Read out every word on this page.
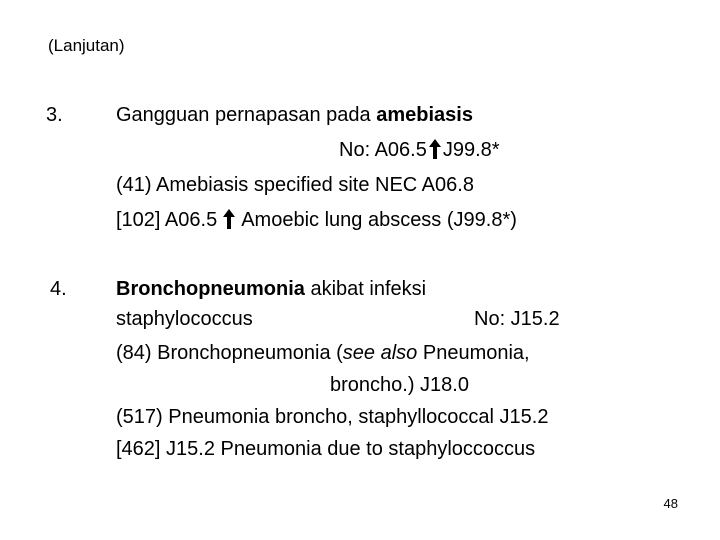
(Lanjutan)
3.	Gangguan pernapasan pada amebiasis
No: A06.5 J99.8*
(41) Amebiasis specified site NEC A06.8
[102] A06.5 Amoebic lung abscess (J99.8*)
4. Bronchopneumonia akibat infeksi
staphylococcus	No: J15.2
(84) Bronchopneumonia (see also Pneumonia,
broncho.) J18.0
(517) Pneumonia broncho, staphyllococcal J15.2
[462] J15.2 Pneumonia due to staphyloccoccus
48
